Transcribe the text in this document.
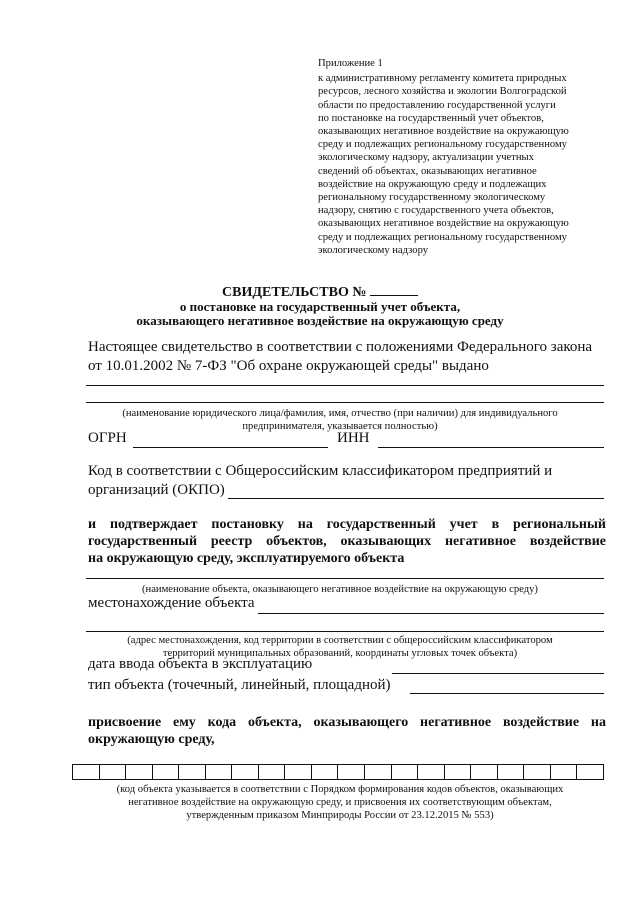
Приложение 1
к административному регламенту комитета природных
ресурсов, лесного хозяйства и экологии Волгоградской
области по предоставлению государственной услуги
по постановке на государственный учет объектов,
оказывающих негативное воздействие на окружающую
среду и подлежащих региональному государственному
экологическому надзору, актуализации учетных
сведений об объектах, оказывающих негативное
воздействие на окружающую среду и подлежащих
региональному государственному экологическому
надзору, снятию с государственного учета объектов,
оказывающих негативное воздействие на окружающую
среду и подлежащих региональному государственному
экологическому надзору
СВИДЕТЕЛЬСТВО №
о постановке на государственный учет объекта,
оказывающего негативное воздействие на окружающую среду
Настоящее свидетельство в соответствии с положениями Федерального закона
от 10.01.2002 № 7-ФЗ "Об охране окружающей среды" выдано
(наименование юридического лица/фамилия, имя, отчество (при наличии) для индивидуального
предпринимателя, указывается полностью)
ОГРН	ИНН
Код в соответствии с Общероссийским классификатором предприятий и
организаций (ОКПО)
и подтверждает постановку на государственный учет в региональный
государственный реестр объектов, оказывающих негативное воздействие
на окружающую среду, эксплуатируемого объекта
(наименование объекта, оказывающего негативное воздействие на окружающую среду)
местонахождение объекта
(адрес местонахождения, код территории в соответствии с общероссийским классификатором
территорий муниципальных образований, координаты угловых точек объекта)
дата ввода объекта в эксплуатацию
тип объекта (точечный, линейный, площадной)
присвоение ему кода объекта, оказывающего негативное воздействие на
окружающую среду,
(код объекта указывается в соответствии с Порядком формирования кодов объектов, оказывающих
негативное воздействие на окружающую среду, и присвоения их соответствующим объектам,
утвержденным приказом Минприроды России от 23.12.2015 № 553)
